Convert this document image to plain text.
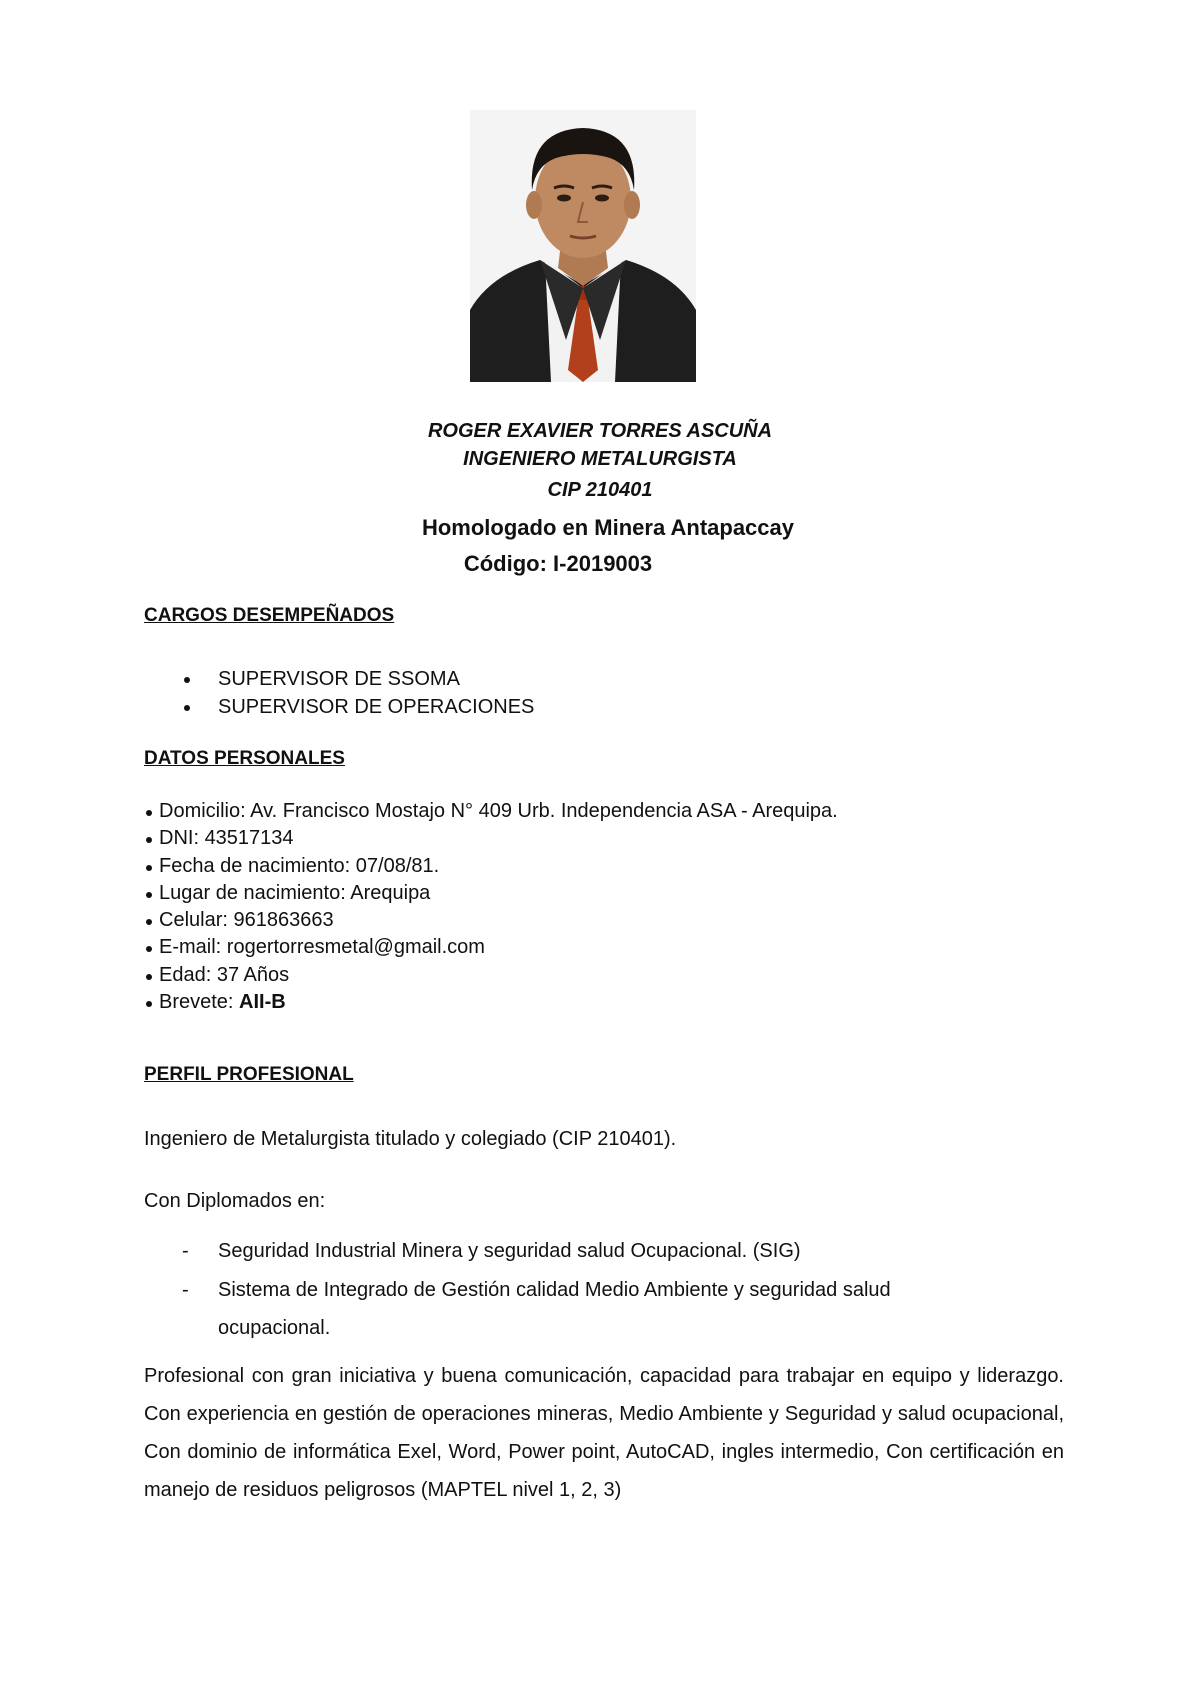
ROGER EXAVIER TORRES ASCUÑA
INGENIERO METALURGISTA
CIP 210401
Homologado en Minera Antapaccay
Código: I-2019003
CARGOS DESEMPEÑADOS
SUPERVISOR DE SSOMA
SUPERVISOR DE OPERACIONES
DATOS PERSONALES
Domicilio: Av. Francisco Mostajo N° 409 Urb. Independencia ASA - Arequipa.
DNI: 43517134
Fecha de nacimiento: 07/08/81.
Lugar de nacimiento: Arequipa
Celular: 961863663
E-mail: rogertorresmetal@gmail.com
Edad: 37 Años
Brevete: AII-B
PERFIL PROFESIONAL
Ingeniero de Metalurgista titulado y colegiado (CIP 210401).
Con Diplomados en:
- Seguridad Industrial Minera y seguridad salud Ocupacional. (SIG)
- Sistema de Integrado de Gestión calidad Medio Ambiente y seguridad salud ocupacional.
Profesional con gran iniciativa y buena comunicación, capacidad para trabajar en equipo y liderazgo. Con experiencia en gestión de operaciones mineras, Medio Ambiente y Seguridad y salud ocupacional, Con dominio de informática Exel, Word, Power point, AutoCAD, ingles intermedio, Con certificación en manejo de residuos peligrosos (MAPTEL nivel 1, 2, 3)
